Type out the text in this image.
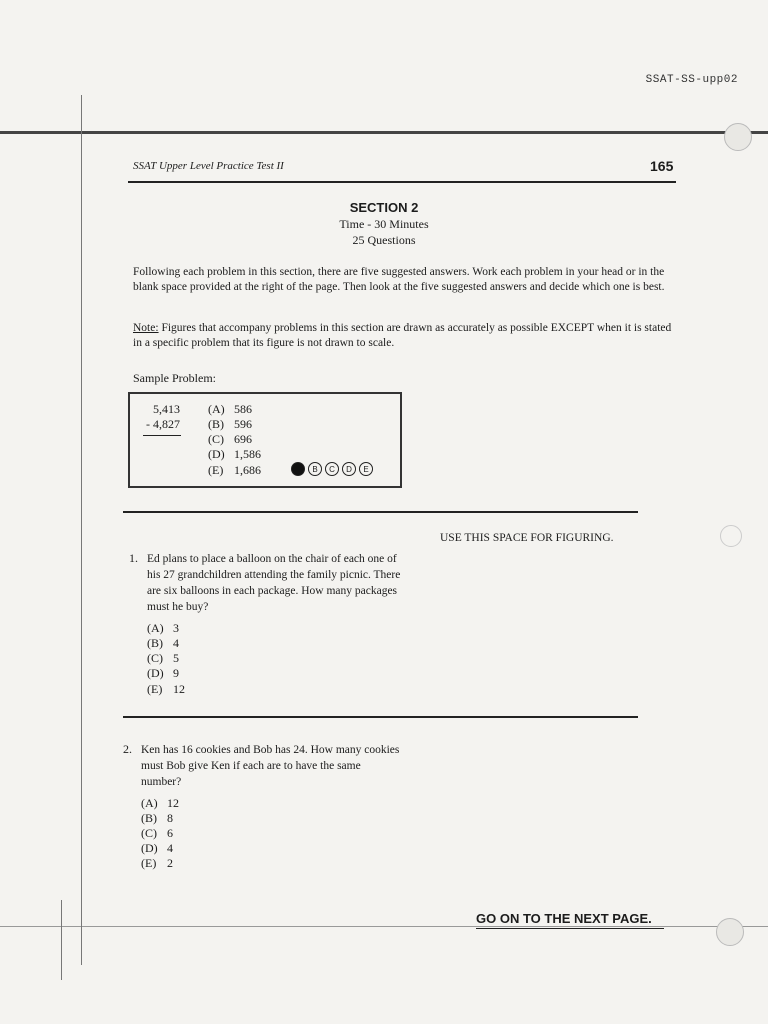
SSAT-SS-upp02
SSAT Upper Level Practice Test II	165
SECTION 2
Time - 30 Minutes
25 Questions
Following each problem in this section, there are five suggested answers. Work each problem in your head or in the blank space provided at the right of the page. Then look at the five suggested answers and decide which one is best.
Note: Figures that accompany problems in this section are drawn as accurately as possible EXCEPT when it is stated in a specific problem that its figure is not drawn to scale.
Sample Problem:
5,413
- 4,827
(A) 586
(B) 596
(C) 696
(D) 1,586
(E) 1,686	B	C	D	E
USE THIS SPACE FOR FIGURING.
1. Ed plans to place a balloon on the chair of each one of his 27 grandchildren attending the family picnic. There are six balloons in each package. How many packages must he buy?
(A) 3
(B) 4
(C) 5
(D) 9
(E) 12
2. Ken has 16 cookies and Bob has 24. How many cookies must Bob give Ken if each are to have the same number?
(A) 12
(B) 8
(C) 6
(D) 4
(E) 2
GO ON TO THE NEXT PAGE.
